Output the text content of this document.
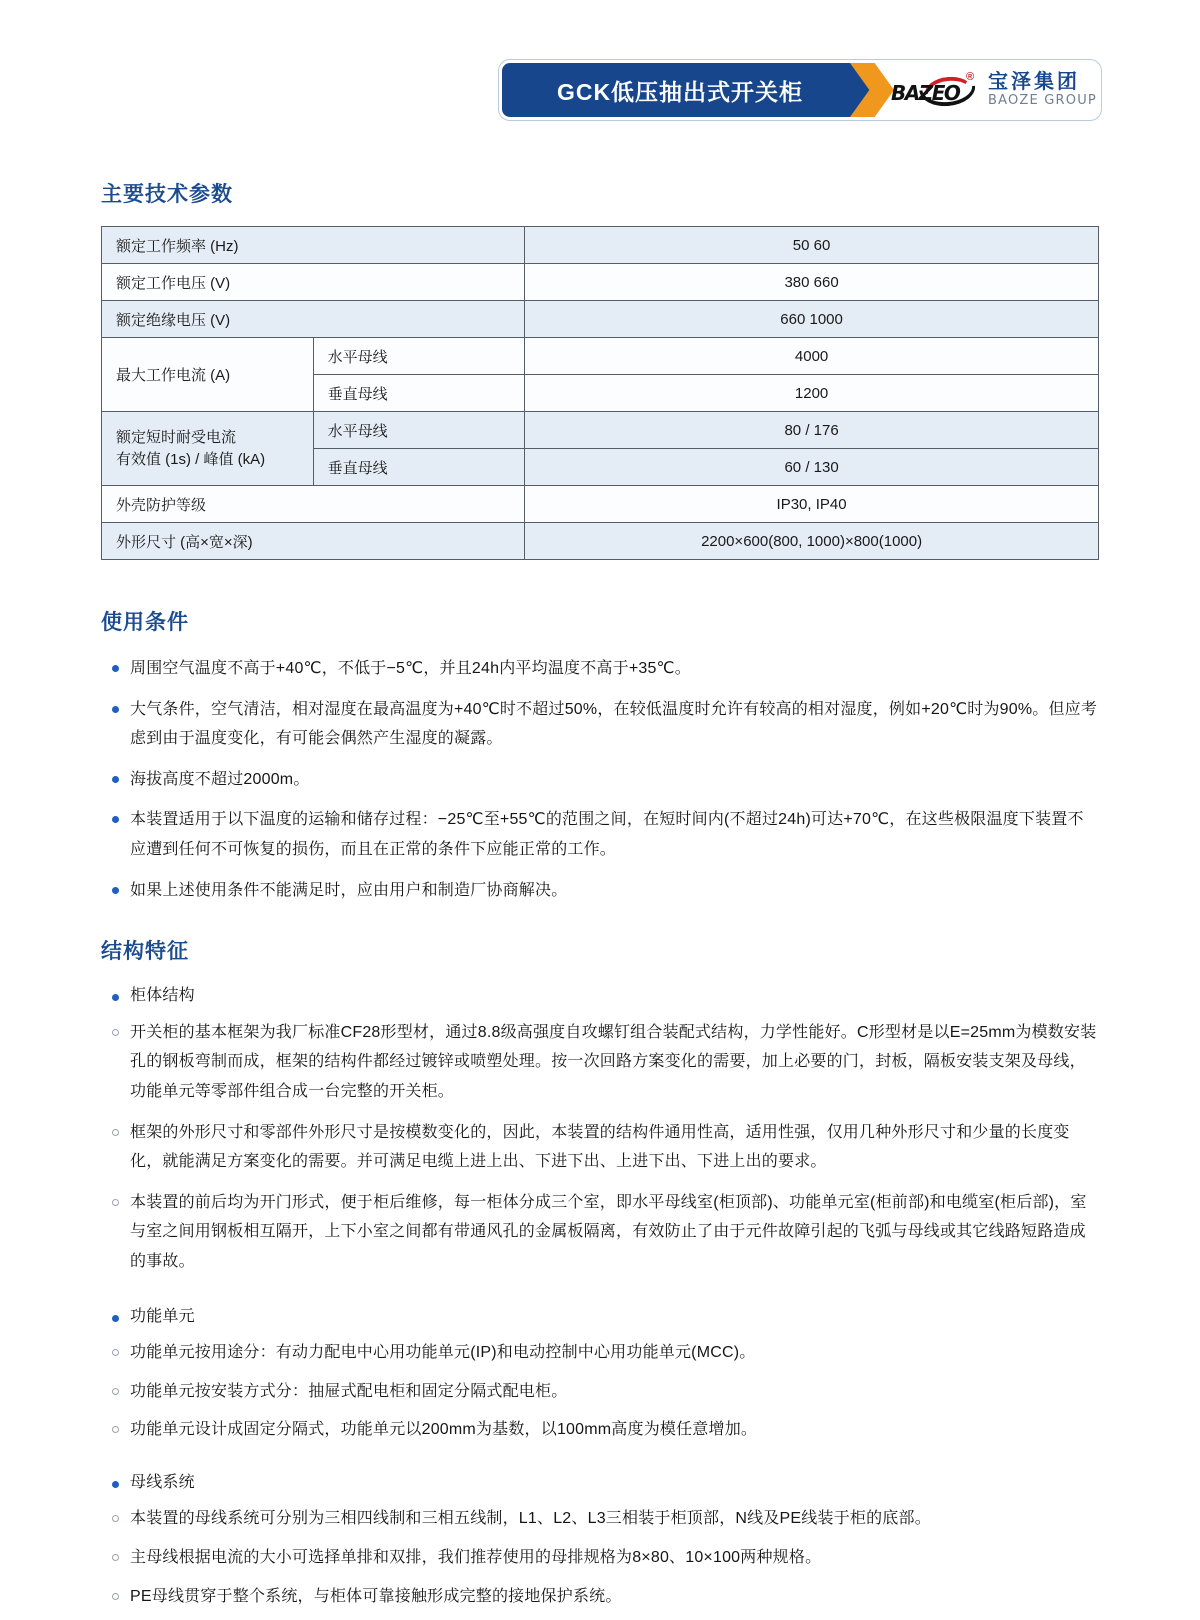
GCK低压抽出式开关柜	BAZEO
® 宝泽集团
BAOZE GROUP
主要技术参数
额定工作频率 (Hz)		50 60
额定工作电压 (V)		380 660
额定绝缘电压 (V)		660 1000
最大工作电流 (A)	水平母线	4000
	垂直母线	1200
额定短时耐受电流
有效值 (1s) / 峰值 (kA)	水平母线	80 / 176
	垂直母线	60 / 130
外壳防护等级		IP30, IP40
外形尺寸 (高×宽×深)		2200×600(800, 1000)×800(1000)
使用条件
周围空气温度不高于+40℃，不低于−5℃，并且24h内平均温度不高于+35℃。
大气条件，空气清洁，相对湿度在最高温度为+40℃时不超过50%，在较低温度时允许有较高的相对湿度，例如+20℃时为90%。但应考虑到由于温度变化，有可能会偶然产生湿度的凝露。
海拔高度不超过2000m。
本装置适用于以下温度的运输和储存过程：−25℃至+55℃的范围之间，在短时间内(不超过24h)可达+70℃，在这些极限温度下装置不应遭到任何不可恢复的损伤，而且在正常的条件下应能正常的工作。
如果上述使用条件不能满足时，应由用户和制造厂协商解决。
结构特征
柜体结构
开关柜的基本框架为我厂标准CF28形型材，通过8.8级高强度自攻螺钉组合装配式结构，力学性能好。C形型材是以E=25mm为模数安装孔的钢板弯制而成，框架的结构件都经过镀锌或喷塑处理。按一次回路方案变化的需要，加上必要的门，封板，隔板安装支架及母线，功能单元等零部件组合成一台完整的开关柜。
框架的外形尺寸和零部件外形尺寸是按模数变化的，因此，本装置的结构件通用性高，适用性强，仅用几种外形尺寸和少量的长度变化，就能满足方案变化的需要。并可满足电缆上进上出、下进下出、上进下出、下进上出的要求。
本装置的前后均为开门形式，便于柜后维修，每一柜体分成三个室，即水平母线室(柜顶部)、功能单元室(柜前部)和电缆室(柜后部)，室与室之间用钢板相互隔开，上下小室之间都有带通风孔的金属板隔离，有效防止了由于元件故障引起的飞弧与母线或其它线路短路造成的事故。
功能单元
功能单元按用途分：有动力配电中心用功能单元(IP)和电动控制中心用功能单元(MCC)。
功能单元按安装方式分：抽屉式配电柜和固定分隔式配电柜。
功能单元设计成固定分隔式，功能单元以200mm为基数，以100mm高度为模任意增加。
母线系统
本装置的母线系统可分别为三相四线制和三相五线制，L1、L2、L3三相装于柜顶部，N线及PE线装于柜的底部。
主母线根据电流的大小可选择单排和双排，我们推荐使用的母排规格为8×80、10×100两种规格。
PE母线贯穿于整个系统，与柜体可靠接触形成完整的接地保护系统。
